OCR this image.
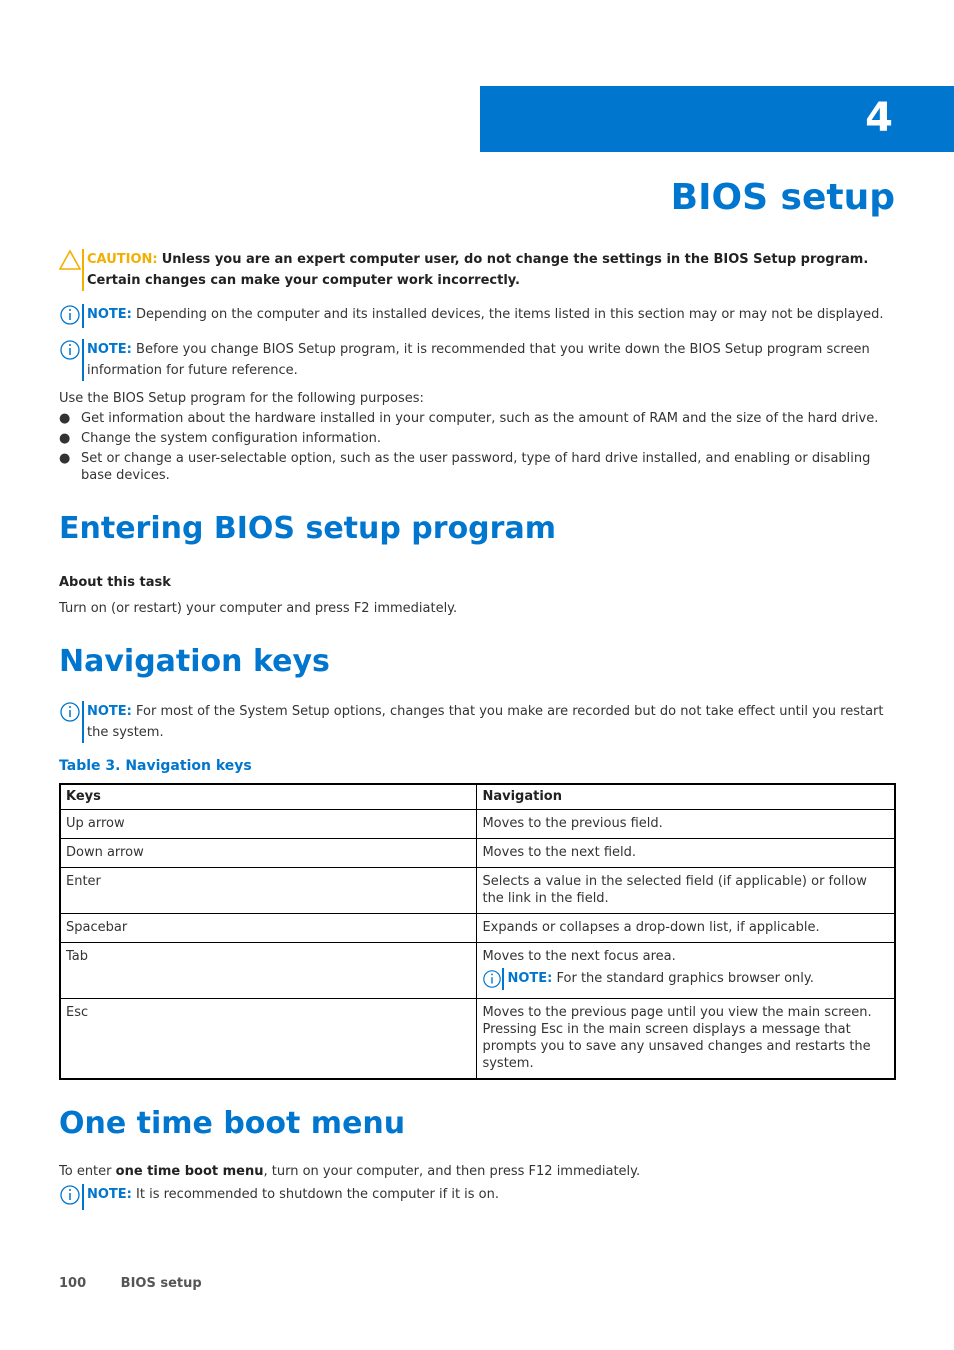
4
BIOS setup
CAUTION: Unless you are an expert computer user, do not change the settings in the BIOS Setup program. Certain changes can make your computer work incorrectly.
NOTE: Depending on the computer and its installed devices, the items listed in this section may or may not be displayed.
NOTE: Before you change BIOS Setup program, it is recommended that you write down the BIOS Setup program screen information for future reference.
Use the BIOS Setup program for the following purposes:
● Get information about the hardware installed in your computer, such as the amount of RAM and the size of the hard drive.
● Change the system configuration information.
● Set or change a user-selectable option, such as the user password, type of hard drive installed, and enabling or disabling base devices.
Entering BIOS setup program
About this task
Turn on (or restart) your computer and press F2 immediately.
Navigation keys
NOTE: For most of the System Setup options, changes that you make are recorded but do not take effect until you restart the system.
Table 3. Navigation keys
Keys	Navigation
Up arrow	Moves to the previous field.
Down arrow	Moves to the next field.
Enter	Selects a value in the selected field (if applicable) or follow the link in the field.
Spacebar	Expands or collapses a drop-down list, if applicable.
Tab	Moves to the next focus area.
NOTE: For the standard graphics browser only.

Esc	Moves to the previous page until you view the main screen. Pressing Esc in the main screen displays a message that prompts you to save any unsaved changes and restarts the system.
One time boot menu
To enter one time boot menu, turn on your computer, and then press F12 immediately.
NOTE: It is recommended to shutdown the computer if it is on.
100	BIOS setup
